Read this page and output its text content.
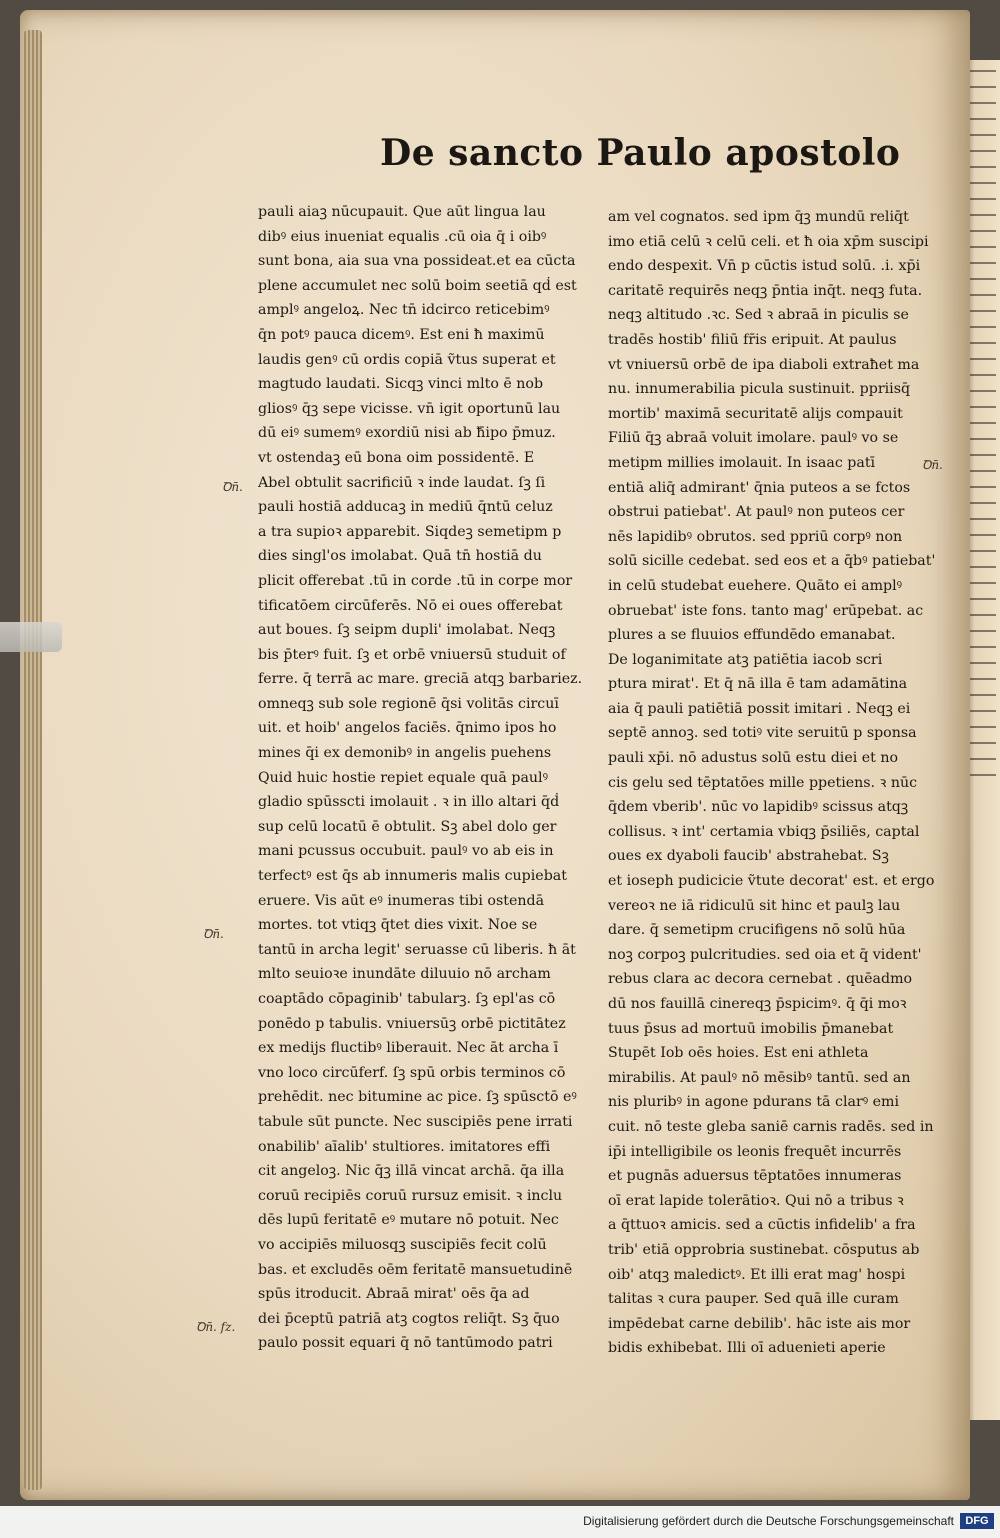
De sancto Paulo apostolo
pauli aiaꝫ nūcupauit. Que aūt lingua lau
dibꝰ eius inueniat equalis .cū oia q̄ i oibꝰ
sunt bona, aia sua vna possideat.et ea cūcta
plene accumulet nec solū boim seetiā qḋ est
amplꝰ angeloꝝ. Nec tn̄ idcirco reticebimꝰ
q̄n potꝰ pauca dicemꝰ. Est eni ħ maximū
laudis genꝰ cū ordis copiā ṽtus superat et
magtudo laudati. Sicqꝫ vinci mlto ē nob
gliosꝰ q̄ꝫ sepe vicisse. vn̄ igit oportunū lau
dū eiꝰ sumemꝰ exordiū nisi ab ħ̄ipo p̄muz.
vt ostendaꝫ eū bona oim possidentē. E
Abel obtulit sacrificiū ꝛ inde laudat. ſꝫ ſi
pauli hostiā adducaꝫ in mediū q̄ntū celuz
a tra supioꝛ apparebit. Siqdeꝫ semetipm p
dies singl'os imolabat. Quā tn̄ hostiā du
plicit offerebat .tū in corde .tū in corpe mor
tificatōem circūferēs. Nō ei oues offerebat
aut boues. ſꝫ seipm dupli' imolabat. Neqꝫ
bis p̄terꝰ fuit. ſꝫ et orbē vniuersū studuit of
ferre. q̄ terrā ac mare. greciā atqꝫ barbariez.
omneqꝫ sub sole regionē q̄si volitās circuī
uit. et hoib' angelos faciēs. q̄nimo ipos ho
mines q̄i ex demonibꝰ in angelis puehens
Quid huic hostie repiet equale quā paulꝰ
gladio spūsscti imolauit . ꝛ in illo altari q̄ḋ
sup celū locatū ē obtulit. Sꝫ abel dolo ger
mani pcussus occubuit. paulꝰ vo ab eis in
terfectꝰ est q̄s ab innumeris malis cupiebat
eruere. Vis aūt eꝰ inumeras tibi ostendā
mortes. tot vtiqꝫ q̄tet dies vixit. Noe se
tantū in archa legit' seruasse cū liberis. ħ āt
mlto seuioꝛe inundāte diluuio nō archam
coaptādo cōpaginib' tabularꝫ. ſꝫ epl'as cō
ponēdo p tabulis. vniuersūꝫ orbē pictitātez
ex medijs fluctibꝰ liberauit. Nec āt archa ī
vno loco circūferf. ſꝫ spū orbis terminos cō
prehēdit. nec bitumine ac pice. ſꝫ spūsctō eꝰ
tabule sūt puncte. Nec suscipiēs pene irrati
onabilib' aīalib' stultiores. imitatores effi
cit angeloꝫ. Nic q̄ꝫ illā vincat archā. q̄a illa
coruū recipiēs coruū rursuz emisit. ꝛ inclu
dēs lupū feritatē eꝰ mutare nō potuit. Nec
vo accipiēs miluosqꝫ suscipiēs fecit colū
bas. et excludēs oēm feritatē mansuetudinē
spūs itroducit. Abraā mirat' oēs q̄a ad
dei p̄ceptū patriā atꝫ cogtos reliq̄t. Sꝫ q̄uo
paulo possit equari q̄ nō tantūmodo patri
am vel cognatos. sed ipm q̄ꝫ mundū reliq̄t
imo etiā celū ꝛ celū celi. et ħ oia xp̄m suscipi
endo despexit. Vn̄ p cūctis istud solū. .i. xp̄i
caritatē requirēs neqꝫ p̄ntia inq̄t. neqꝫ futa.
neqꝫ altitudo .ꝛc. Sed ꝛ abraā in piculis se
tradēs hostib' filiū fr̄is eripuit. At paulus
vt vniuersū orbē de ipa diaboli extraħet ma
nu. innumerabilia picula sustinuit. ppriisq̄
mortib' maximā securitatē alijs compauit
Filiū q̄ꝫ abraā voluit imolare. paulꝰ vo se
metipm millies imolauit. In isaac patī
entiā aliq̄ admirant' q̄nia puteos a se fctos
obstrui patiebat'. At paulꝰ non puteos cer
nēs lapidibꝰ obrutos. sed ppriū corpꝰ non
solū sicille cedebat. sed eos et a q̄bꝰ patiebat'
in celū studebat euehere. Quāto ei amplꝰ
obruebat' iste fons. tanto mag' erūpebat. ac
plures a se fluuios effundēdo emanabat.
De loganimitate atꝫ patiētia iacob scri
ptura mirat'. Et q̄ nā illa ē tam adamātina
aia q̄ pauli patiētiā possit imitari . Neqꝫ ei
septē annoꝫ. sed totiꝰ vite seruitū p sponsa
pauli xp̄i. nō adustus solū estu diei et no
cis gelu sed tēptatōes mille ppetiens. ꝛ nūc
q̄dem vberib'. nūc vo lapidibꝰ scissus atqꝫ
collisus. ꝛ int' certamia vbiqꝫ p̄siliēs, captal
oues ex dyaboli faucib' abstrahebat. Sꝫ
et ioseph pudicicie ṽtute decorat' est. et ergo
vereoꝛ ne iā ridiculū sit hinc et paulꝫ lau
dare. q̄ semetipm crucifigens nō solū hūa
noꝫ corpoꝫ pulcritudies. sed oia et q̄ vident'
rebus clara ac decora cernebat . quēadmo
dū nos fauillā cinereqꝫ p̄spicimꝰ. q̄ q̄i moꝛ
tuus p̄sus ad mortuū imobilis p̄manebat
Stupēt Iob oēs hoies. Est eni athleta
mirabilis. At paulꝰ nō mēsibꝰ tantū. sed an
nis pluribꝰ in agone pdurans tā clarꝰ emi
cuit. nō teste gleba saniē carnis radēs. sed in
ip̄i intelligibile os leonis frequēt incurrēs
et pugnās aduersus tēptatōes innumeras
oī erat lapide tolerātioꝛ. Qui nō a tribus ꝛ
a q̄ttuoꝛ amicis. sed a cūctis infidelib' a fra
trib' etiā opprobria sustinebat. cōsputus ab
oib' atqꝫ maledictꝰ. Et illi erat mag' hospi
talitas ꝛ cura pauper. Sed quā ille curam
impēdebat carne debilib'. hāc iste ais mor
bidis exhibebat. Illi oī aduenieti aperie
Ꝺn̄.
Ꝺn̄.
Ꝺn̄. fz.
Ꝺn̄.
Digitalisierung gefördert durch die Deutsche Forschungsgemeinschaft	DFG
